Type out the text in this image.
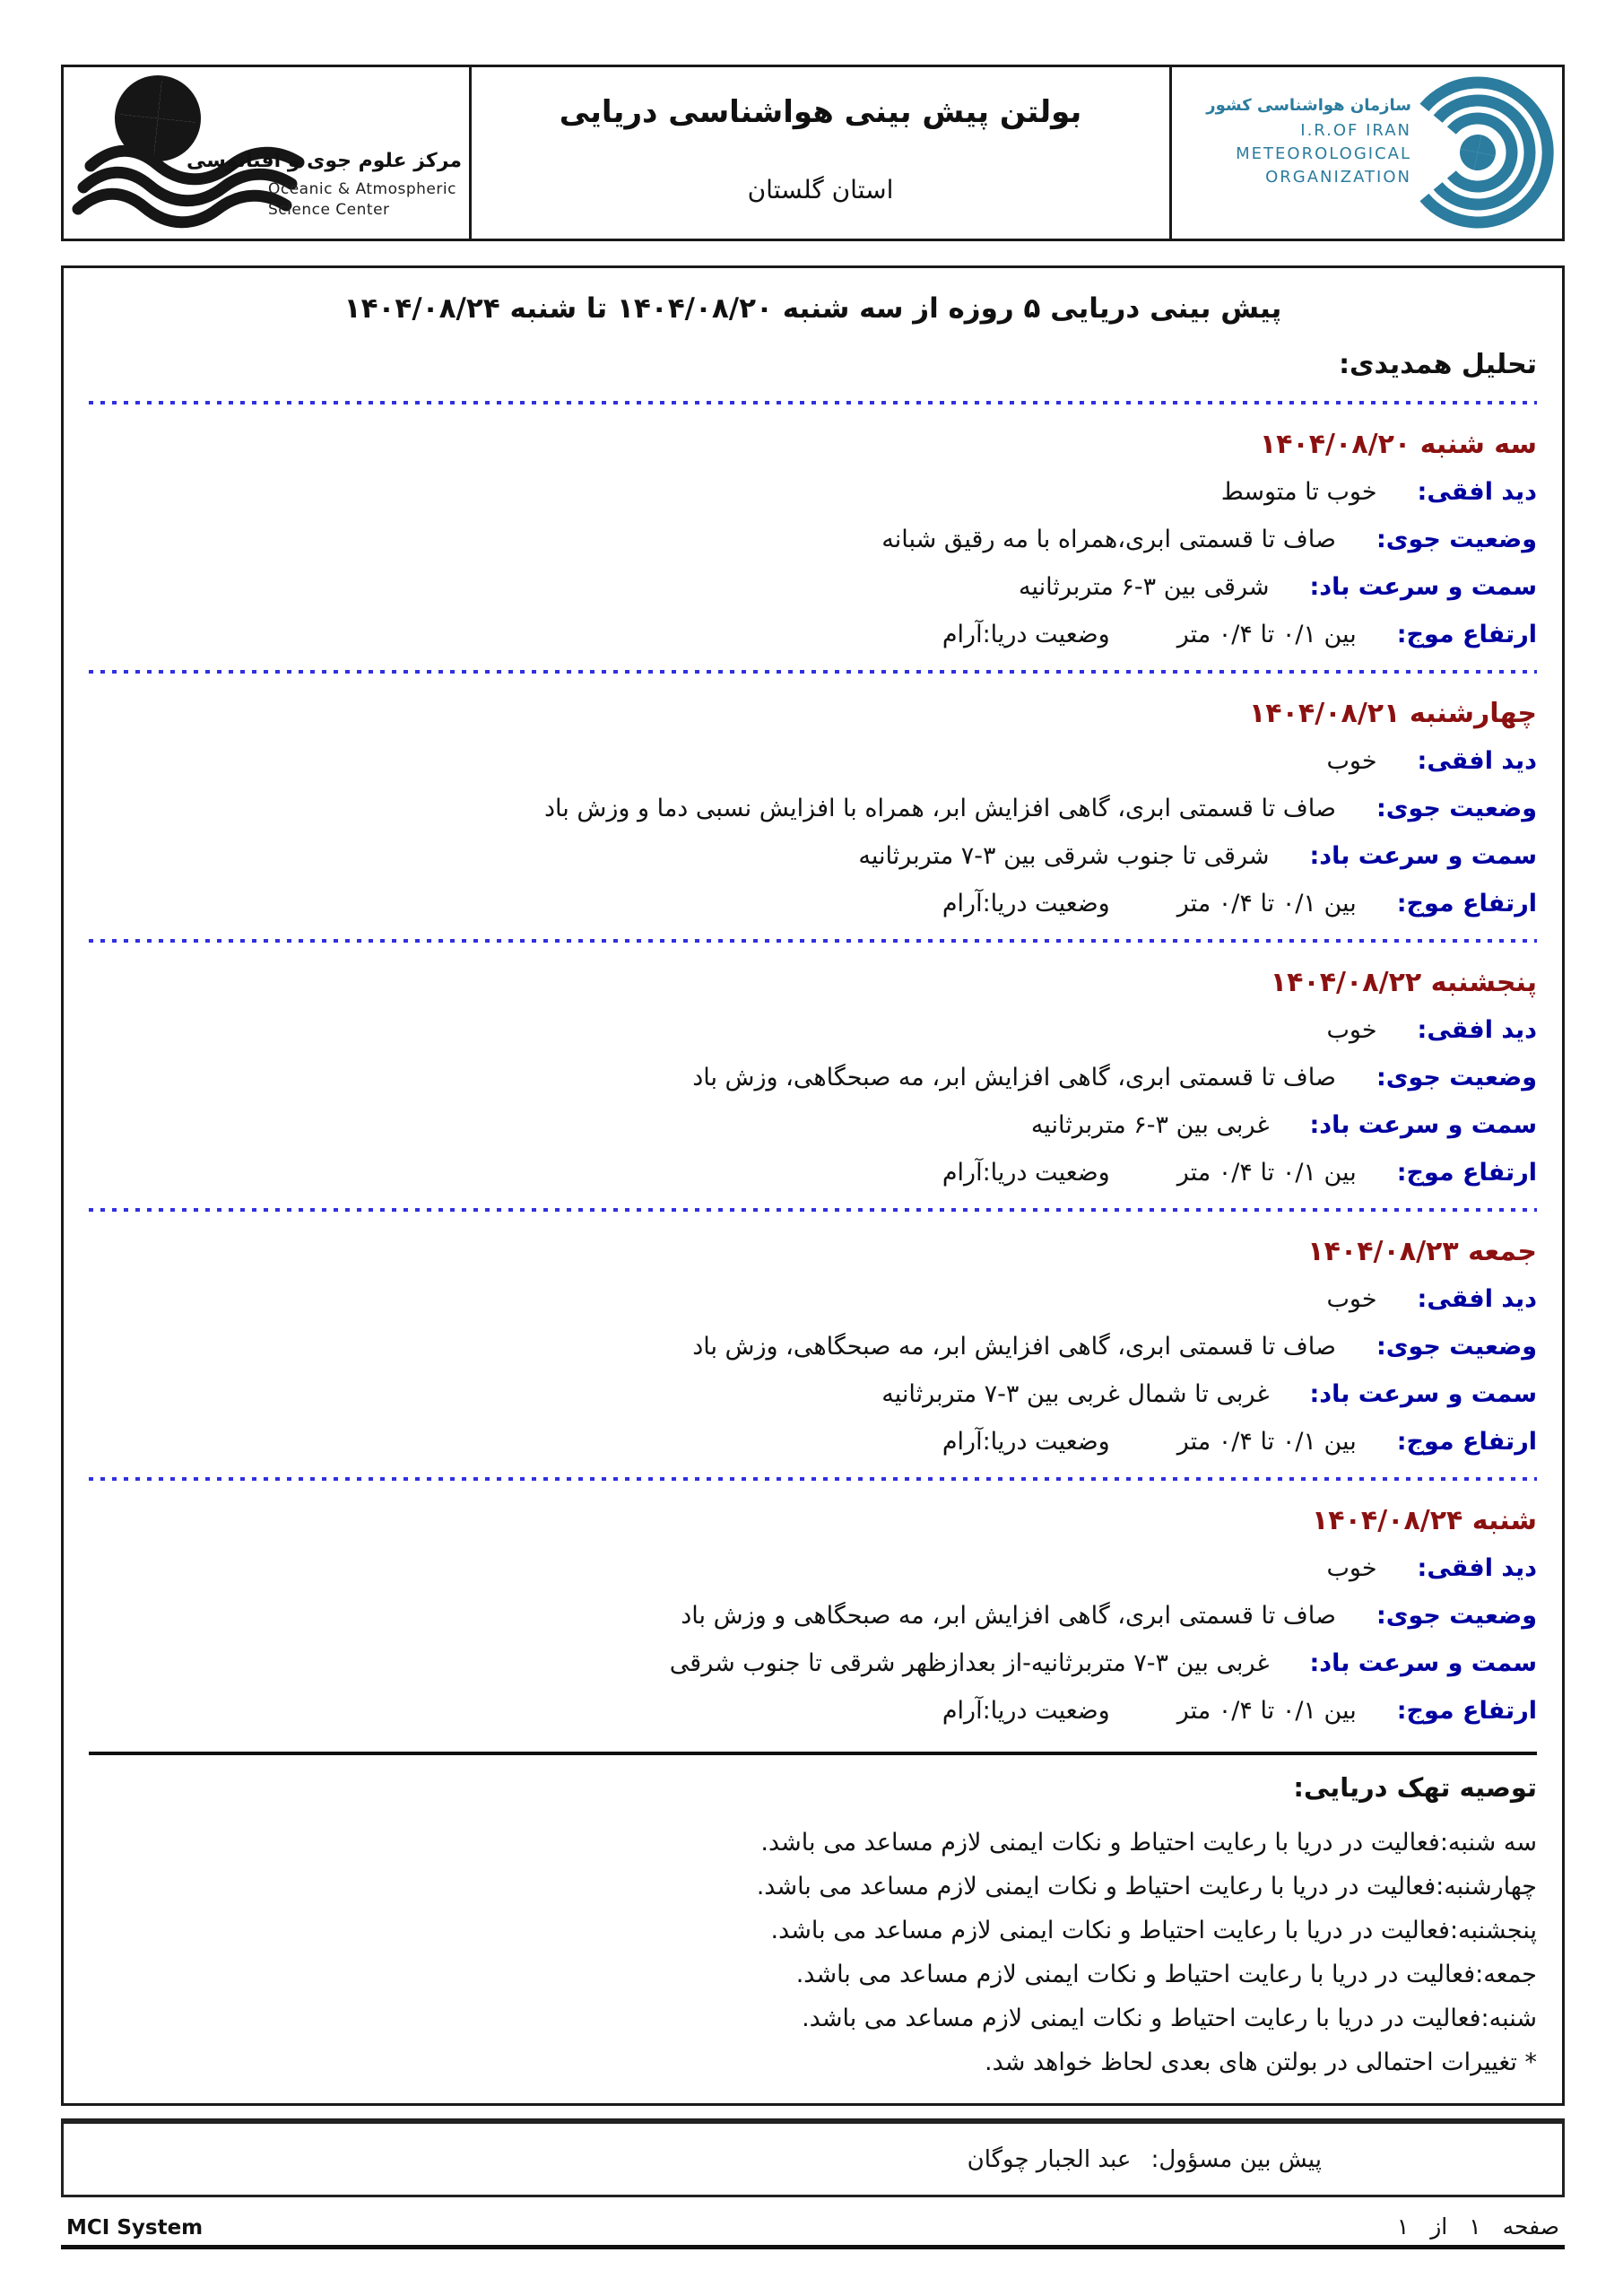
مرکز علوم جوی و اقیانوسی
Oceanic & Atmospheric
Science Center
بولتن پیش بینی هواشناسی دریایی
استان گلستان
سازمان هواشناسی کشور
I.R.OF IRAN
METEOROLOGICAL
ORGANIZATION
پیش بینی دریایی ۵ روزه از سه شنبه ۱۴۰۴/۰۸/۲۰ تا شنبه ۱۴۰۴/۰۸/۲۴
تحلیل همدیدی:
سه شنبه ۱۴۰۴/۰۸/۲۰
دید افقی:
خوب تا متوسط
وضعیت جوی:
صاف تا قسمتی ابری،همراه با مه رقیق شبانه
سمت و سرعت باد:
شرقی بین ۳-۶ متربرثانیه
ارتفاع موج:
بین ۰/۱ تا ۰/۴ متر
وضعیت دریا:آرام
چهارشنبه ۱۴۰۴/۰۸/۲۱
دید افقی:
خوب
وضعیت جوی:
صاف تا قسمتی ابری، گاهی افزایش ابر، همراه با افزایش نسبی دما و وزش باد
سمت و سرعت باد:
شرقی تا جنوب شرقی بین ۳-۷ متربرثانیه
ارتفاع موج:
بین ۰/۱ تا ۰/۴ متر
وضعیت دریا:آرام
پنجشنبه ۱۴۰۴/۰۸/۲۲
دید افقی:
خوب
وضعیت جوی:
صاف تا قسمتی ابری، گاهی افزایش ابر، مه صبحگاهی، وزش باد
سمت و سرعت باد:
غربی بین ۳-۶ متربرثانیه
ارتفاع موج:
بین ۰/۱ تا ۰/۴ متر
وضعیت دریا:آرام
جمعه ۱۴۰۴/۰۸/۲۳
دید افقی:
خوب
وضعیت جوی:
صاف تا قسمتی ابری، گاهی افزایش ابر، مه صبحگاهی، وزش باد
سمت و سرعت باد:
غربی تا شمال غربی بین ۳-۷ متربرثانیه
ارتفاع موج:
بین ۰/۱ تا ۰/۴ متر
وضعیت دریا:آرام
شنبه ۱۴۰۴/۰۸/۲۴
دید افقی:
خوب
وضعیت جوی:
صاف تا قسمتی ابری، گاهی افزایش ابر، مه صبحگاهی و وزش باد
سمت و سرعت باد:
غربی بین ۳-۷ متربرثانیه-از بعدازظهر شرقی تا جنوب شرقی
ارتفاع موج:
بین ۰/۱ تا ۰/۴ متر
وضعیت دریا:آرام
توصیه تهک دریایی:
سه شنبه:فعالیت در دریا با رعایت احتیاط و نکات ایمنی لازم مساعد می باشد.
چهارشنبه:فعالیت در دریا با رعایت احتیاط و نکات ایمنی لازم مساعد می باشد.
پنجشنبه:فعالیت در دریا با رعایت احتیاط و نکات ایمنی لازم مساعد می باشد.
جمعه:فعالیت در دریا با رعایت احتیاط و نکات ایمنی لازم مساعد می باشد.
شنبه:فعالیت در دریا با رعایت احتیاط و نکات ایمنی لازم مساعد می باشد.
* تغییرات احتمالی در بولتن های بعدی لحاظ خواهد شد.
پیش بین مسؤول: عبد الجبار چوگان
MCI System	صفحه ۱ از ۱
